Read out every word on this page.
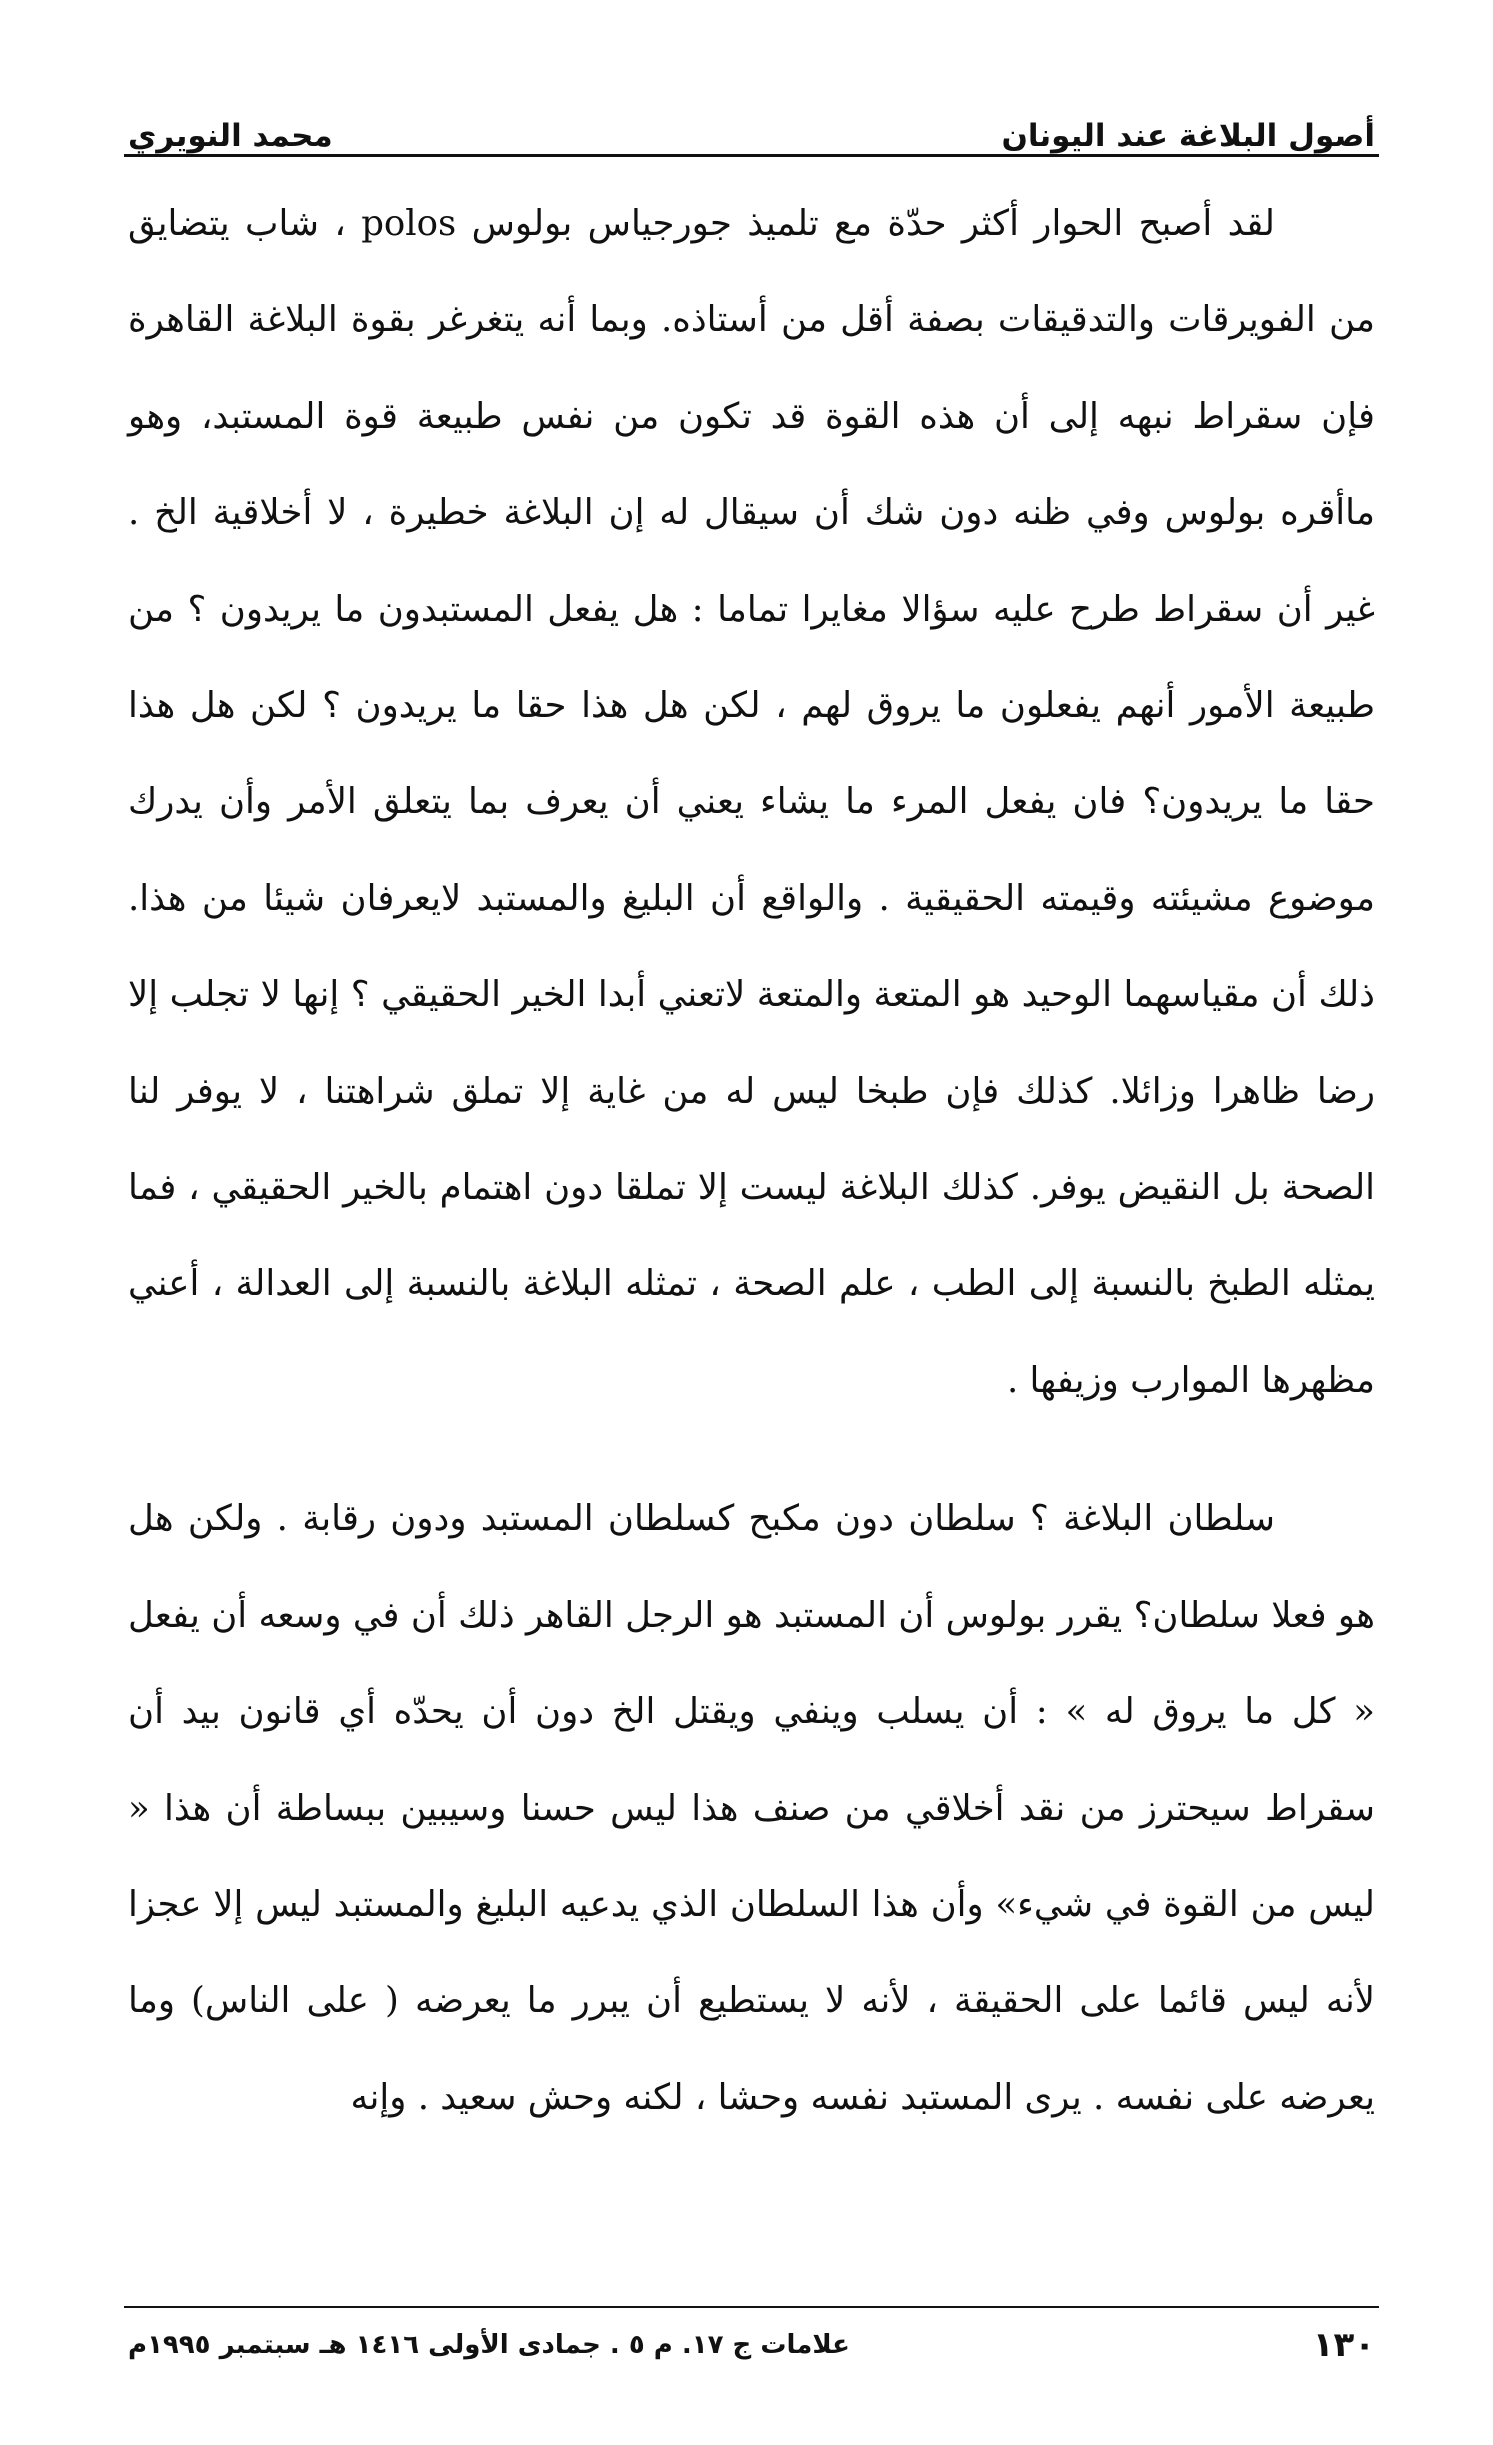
أصول البلاغة عند اليونان
محمد النويري

لقد أصبح الحوار أكثر حدّة مع تلميذ جورجياس بولوس polos ، شاب يتضايق من الفويرقات والتدقيقات بصفة أقل من أستاذه. وبما أنه يتغرغر بقوة البلاغة القاهرة فإن سقراط نبهه إلى أن هذه القوة قد تكون من نفس طبيعة قوة المستبد، وهو ماأقره بولوس وفي ظنه دون شك أن سيقال له إن البلاغة خطيرة ، لا أخلاقية الخ . غير أن سقراط طرح عليه سؤالا مغايرا تماما : هل يفعل المستبدون ما يريدون ؟ من طبيعة الأمور أنهم يفعلون ما يروق لهم ، لكن هل هذا حقا ما يريدون ؟ لكن هل هذا حقا ما يريدون؟ فان يفعل المرء ما يشاء يعني أن يعرف بما يتعلق الأمر وأن يدرك موضوع مشيئته وقيمته الحقيقية . والواقع أن البليغ والمستبد لايعرفان شيئا من هذا. ذلك أن مقياسهما الوحيد هو المتعة والمتعة لاتعني أبدا الخير الحقيقي ؟ إنها لا تجلب إلا رضا ظاهرا وزائلا. كذلك فإن طبخا ليس له من غاية إلا تملق شراهتنا ، لا يوفر لنا الصحة بل النقيض يوفر. كذلك البلاغة ليست إلا تملقا دون اهتمام بالخير الحقيقي ، فما يمثله الطبخ بالنسبة إلى الطب ، علم الصحة ، تمثله البلاغة بالنسبة إلى العدالة ، أعني مظهرها الموارب وزيفها .

سلطان البلاغة ؟ سلطان دون مكبح كسلطان المستبد ودون رقابة . ولكن هل هو فعلا سلطان؟ يقرر بولوس أن المستبد هو الرجل القاهر ذلك أن في وسعه أن يفعل « كل ما يروق له » : أن يسلب وينفي ويقتل الخ دون أن يحدّه أي قانون بيد أن سقراط سيحترز من نقد أخلاقي من صنف هذا ليس حسنا وسيبين ببساطة أن هذا « ليس من القوة في شيء» وأن هذا السلطان الذي يدعيه البليغ والمستبد ليس إلا عجزا لأنه ليس قائما على الحقيقة ، لأنه لا يستطيع أن يبرر ما يعرضه ( على الناس) وما يعرضه على نفسه . يرى المستبد نفسه وحشا ، لكنه وحش سعيد . وإنه

١٣٠
علامات ج ١٧. م ٥ . جمادى الأولى ١٤١٦ هـ سبتمبر ١٩٩٥م
